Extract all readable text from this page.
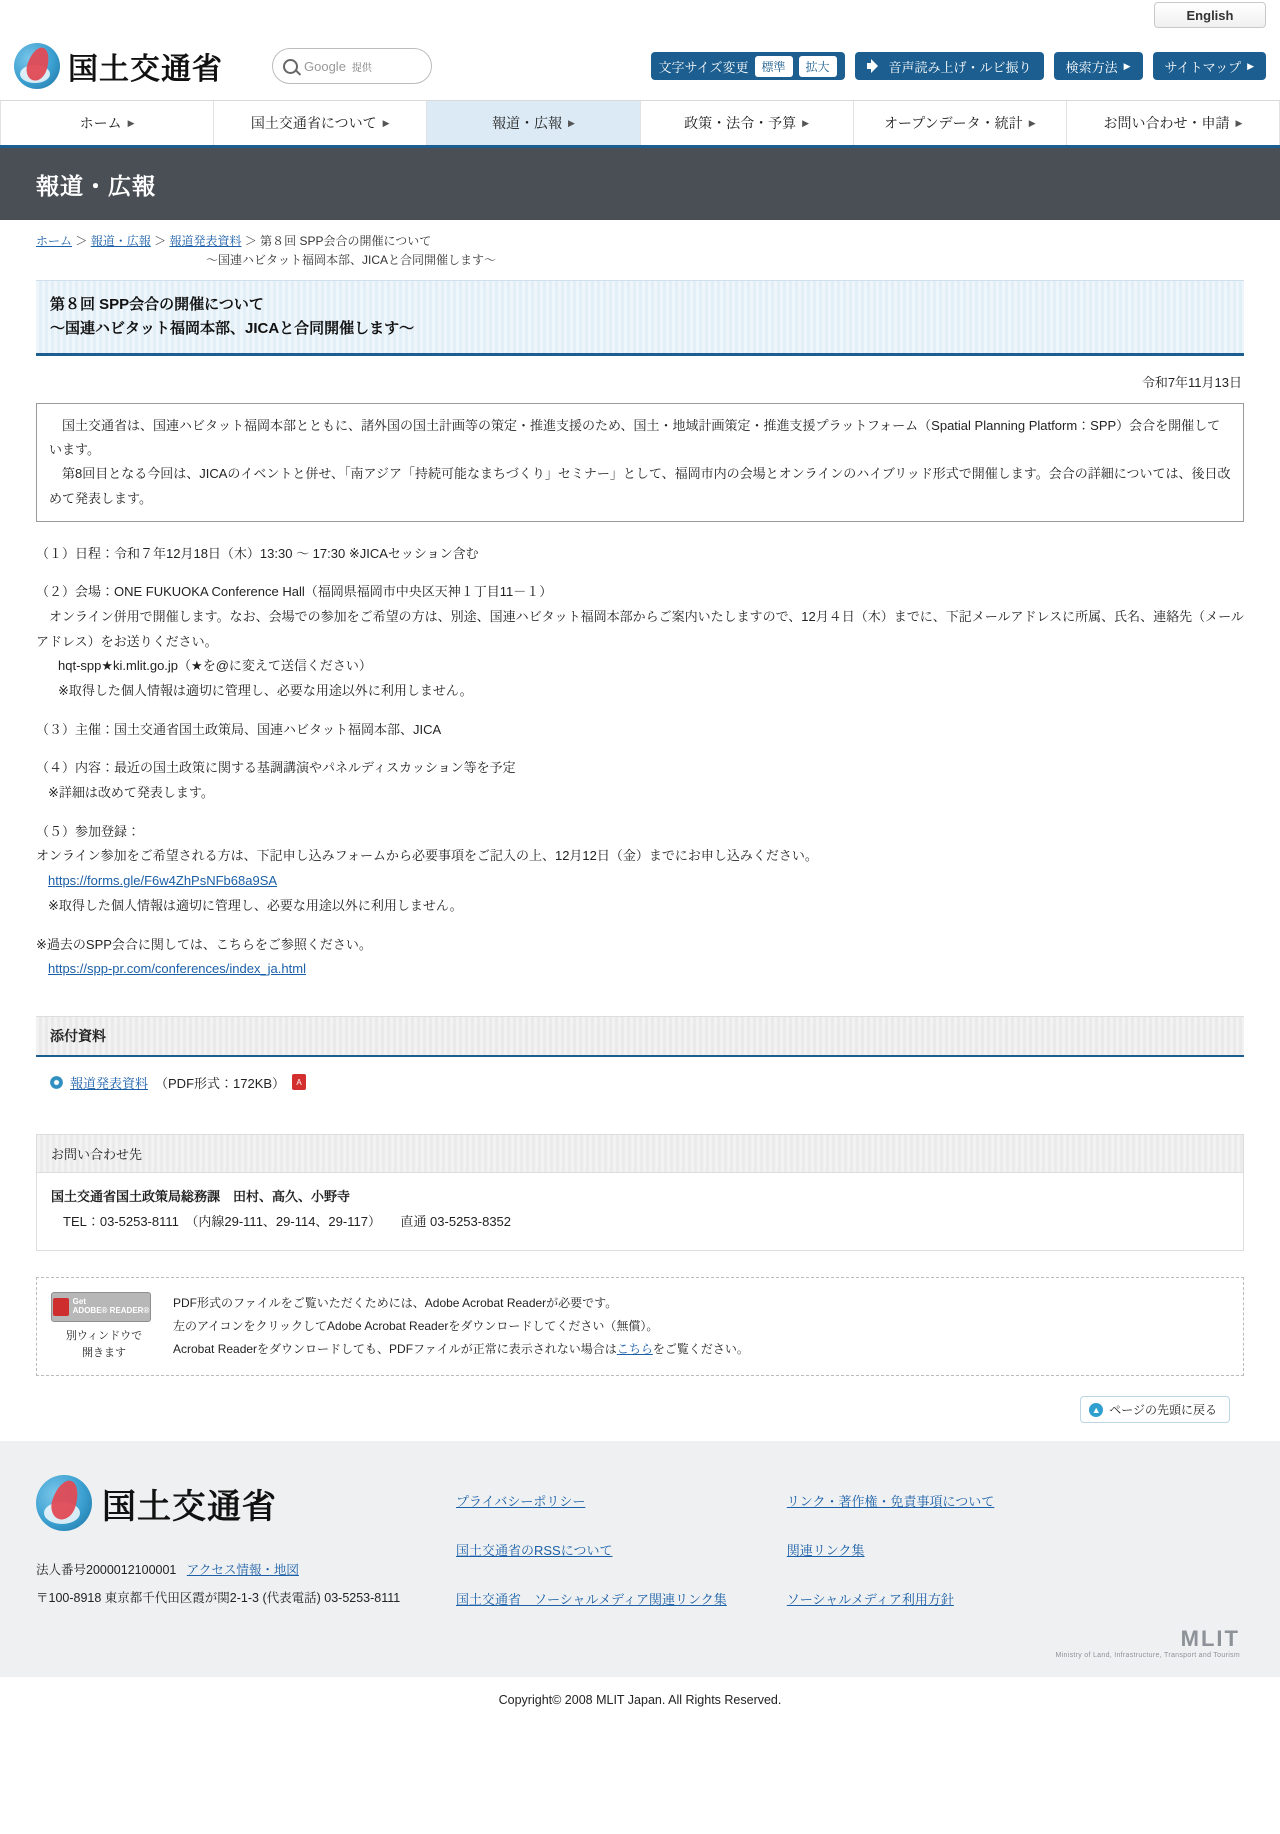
English
国土交通省	Google 提供	文字サイズ変更	標準	拡大	音声読み上げ・ルビ振り	検索方法 ▶	サイトマップ ▶
ホーム ▶	国土交通省について ▶	報道・広報 ▶	政策・法令・予算 ▶	オープンデータ・統計 ▶	お問い合わせ・申請 ▶
報道・広報
ホーム ＞ 報道・広報 ＞ 報道発表資料 ＞ 第８回 SPP会合の開催について
～国連ハビタット福岡本部、JICAと合同開催します～
第８回 SPP会合の開催について
～国連ハビタット福岡本部、JICAと合同開催します～
令和7年11月13日
　国土交通省は、国連ハビタット福岡本部とともに、諸外国の国土計画等の策定・推進支援のため、国土・地域計画策定・推進支援プラットフォーム（Spatial Planning Platform：SPP）会合を開催しています。
　第8回目となる今回は、JICAのイベントと併せ、「南アジア「持続可能なまちづくり」セミナー」として、福岡市内の会場とオンラインのハイブリッド形式で開催します。会合の詳細については、後日改めて発表します。
（１）日程：令和７年12月18日（木）13:30 ～ 17:30 ※JICAセッション含む
（２）会場：ONE FUKUOKA Conference Hall（福岡県福岡市中央区天神１丁目11－１）
　オンライン併用で開催します。なお、会場での参加をご希望の方は、別途、国連ハビタット福岡本部からご案内いたしますので、12月４日（木）までに、下記メールアドレスに所属、氏名、連絡先（メールアドレス）をお送りください。
hqt-spp★ki.mlit.go.jp（★を@に変えて送信ください）
※取得した個人情報は適切に管理し、必要な用途以外に利用しません。
（３）主催：国土交通省国土政策局、国連ハビタット福岡本部、JICA
（４）内容：最近の国土政策に関する基調講演やパネルディスカッション等を予定
※詳細は改めて発表します。
（５）参加登録：
オンライン参加をご希望される方は、下記申し込みフォームから必要事項をご記入の上、12月12日（金）までにお申し込みください。
https://forms.gle/F6w4ZhPsNFb68a9SA
※取得した個人情報は適切に管理し、必要な用途以外に利用しません。
※過去のSPP会合に関しては、こちらをご参照ください。
https://spp-pr.com/conferences/index_ja.html
添付資料
報道発表資料 （PDF形式：172KB）	A
お問い合わせ先
国土交通省国土政策局総務課　田村、髙久、小野寺
TEL：03-5253-8111　（内線29-111、29-114、29-117）　　直通 03-5253-8352
Get
ADOBE® READER®
別ウィンドウで
開きます
PDF形式のファイルをご覧いただくためには、Adobe Acrobat Readerが必要です。
左のアイコンをクリックしてAdobe Acrobat Readerをダウンロードしてください（無償）。
Acrobat Readerをダウンロードしても、PDFファイルが正常に表示されない場合はこちらをご覧ください。
▲ ページの先頭に戻る
国土交通省
法人番号2000012100001 アクセス情報・地図
〒100-8918 東京都千代田区霞が関2-1-3 (代表電話) 03-5253-8111
プライバシーポリシー
国土交通省のRSSについて
国土交通省　ソーシャルメディア関連リンク集
リンク・著作権・免責事項について
関連リンク集
ソーシャルメディア利用方針
MLIT
Ministry of Land, Infrastructure, Transport and Tourism
Copyright© 2008 MLIT Japan. All Rights Reserved.
